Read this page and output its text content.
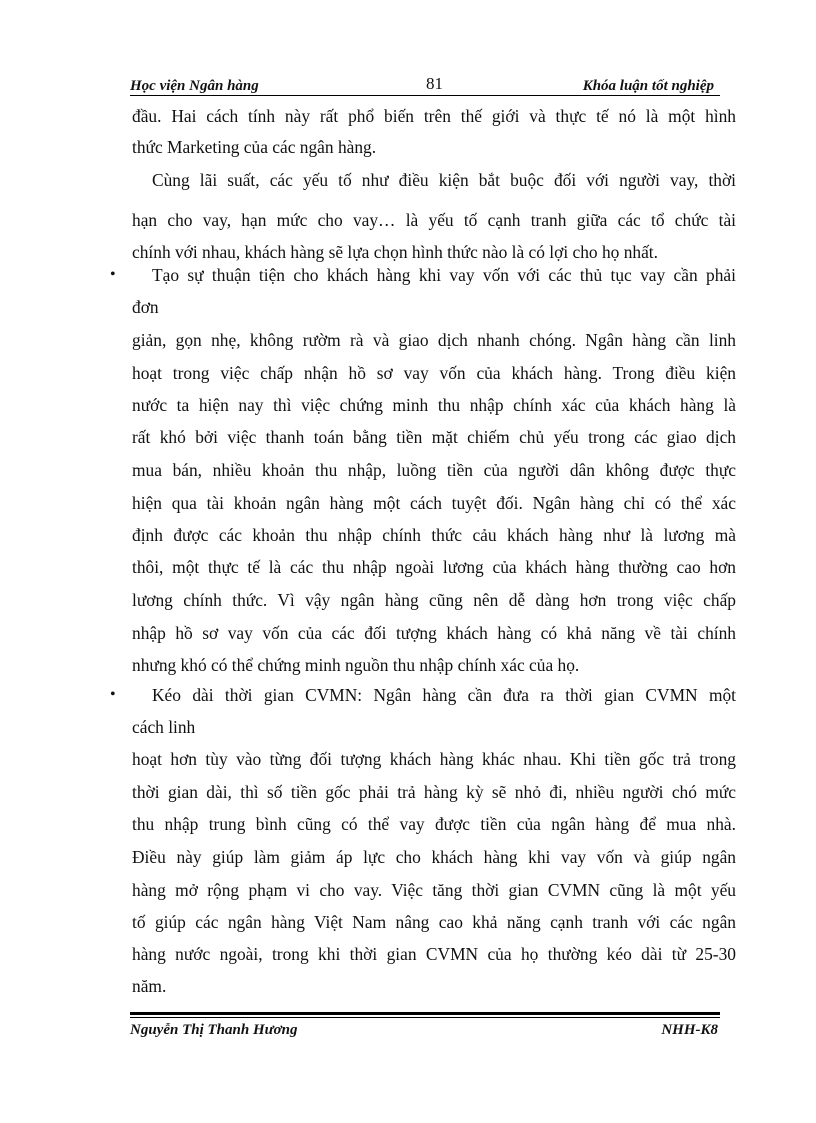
Học viện Ngân hàng	81	Khóa luận tốt nghiệp
•
•
đầu. Hai cách tính này rất phổ biến trên thế giới và thực tế nó là một hình
thức Marketing của các ngân hàng.
Cùng lãi suất, các yếu tố như điều kiện bắt buộc đối với người vay, thời
hạn cho vay, hạn mức cho vay… là yếu tố cạnh tranh giữa các tổ chức tài
chính với nhau, khách hàng sẽ lựa chọn hình thức nào là có lợi cho họ nhất.
Tạo sự thuận tiện cho khách hàng khi vay vốn với các thủ tục vay cần phải
đơn
giản, gọn nhẹ, không rườm rà và giao dịch nhanh chóng. Ngân hàng cần linh
hoạt trong việc chấp nhận hồ sơ vay vốn của khách hàng. Trong điều kiện
nước ta hiện nay thì việc chứng minh thu nhập chính xác của khách hàng là
rất khó bởi việc thanh toán bằng tiền mặt chiếm chủ yếu trong các giao dịch
mua bán, nhiều khoản thu nhập, luồng tiền của người dân không được thực
hiện qua tài khoản ngân hàng một cách tuyệt đối. Ngân hàng chỉ có thể xác
định được các khoản thu nhập chính thức cảu khách hàng như là lương mà
thôi, một thực tế là các thu nhập ngoài lương của khách hàng thường cao hơn
lương chính thức. Vì vậy ngân hàng cũng nên dễ dàng hơn trong việc chấp
nhập hồ sơ vay vốn của các đối tượng khách hàng có khả năng về tài chính
nhưng khó có thể chứng minh nguồn thu nhập chính xác của họ.
Kéo dài thời gian CVMN: Ngân hàng cần đưa ra thời gian CVMN một
cách linh
hoạt hơn tùy vào từng đối tượng khách hàng khác nhau. Khi tiền gốc trả trong
thời gian dài, thì số tiền gốc phải trả hàng kỳ sẽ nhỏ đi, nhiều người chó mức
thu nhập trung bình cũng có thể vay được tiền của ngân hàng để mua nhà.
Điều này giúp làm giảm áp lực cho khách hàng khi vay vốn và giúp ngân
hàng mở rộng phạm vi cho vay. Việc tăng thời gian CVMN cũng là một yếu
tố giúp các ngân hàng Việt Nam nâng cao khả năng cạnh tranh với các ngân
hàng nước ngoài, trong khi thời gian CVMN của họ thường kéo dài từ 25-30
năm.
Nguyễn Thị Thanh Hương	NHH-K8
